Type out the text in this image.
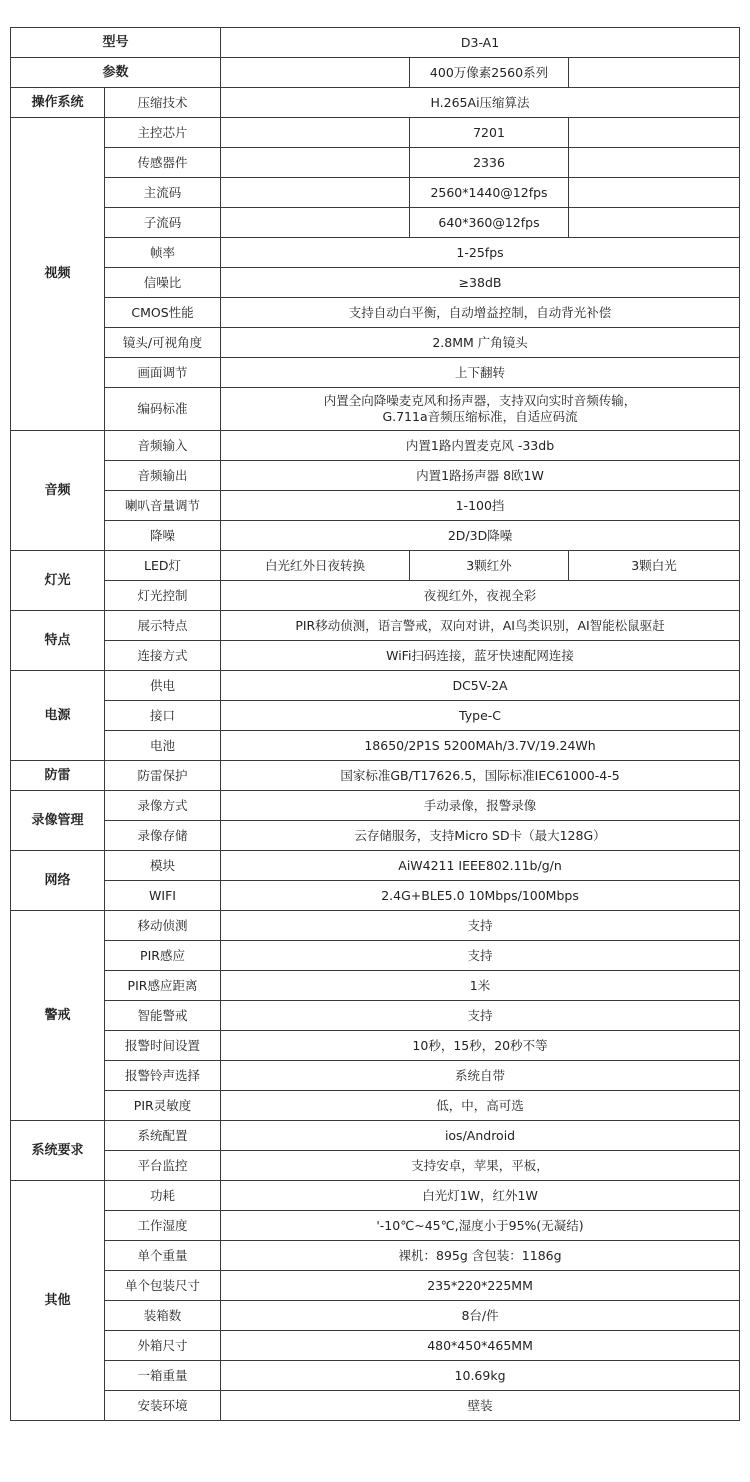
型号		D3-A1		
参数			400万像素2560系列	
操作系统	压缩技术	H.265Ai压缩算法		
视频	主控芯片		7201	
	传感器件		2336	
	主流码		2560*1440@12fps	
	子流码		640*360@12fps	
	帧率	1-25fps		
	信噪比	≥38dB		
	CMOS性能	支持自动白平衡，自动增益控制，自动背光补偿		
	镜头/可视角度	2.8MM 广角镜头		
	画面调节	上下翻转		
	编码标准	内置全向降噪麦克风和扬声器，支持双向实时音频传输，
G.711a音频压缩标准，自适应码流		

音频	音频输入	内置1路内置麦克风 -33db		
	音频输出	内置1路扬声器 8欧1W		
	喇叭音量调节	1-100挡		
	降噪	2D/3D降噪		
灯光	LED灯	白光红外日夜转换	3颗红外	3颗白光
	灯光控制	夜视红外，夜视全彩		
特点	展示特点	PIR移动侦测，语言警戒，双向对讲，AI鸟类识别，AI智能松鼠驱赶		
	连接方式	WiFi扫码连接，蓝牙快速配网连接		
电源	供电	DC5V-2A		
	接口	Type-C		
	电池	18650/2P1S 5200MAh/3.7V/19.24Wh		
防雷	防雷保护	国家标准GB/T17626.5，国际标准IEC61000-4-5		
录像管理	录像方式	手动录像，报警录像		
	录像存储	云存储服务，支持Micro SD卡（最大128G）		
网络	模块	AiW4211 IEEE802.11b/g/n		
	WIFI	2.4G+BLE5.0 10Mbps/100Mbps		
警戒	移动侦测	支持		
	PIR感应	支持		
	PIR感应距离	1米		
	智能警戒	支持		
	报警时间设置	10秒，15秒，20秒不等		
	报警铃声选择	系统自带		
	PIR灵敏度	低，中，高可选		
系统要求	系统配置	ios/Android		
	平台监控	支持安卓，苹果，平板，		
其他	功耗	白光灯1W，红外1W		
	工作湿度	'-10℃~45℃,湿度小于95%(无凝结)		
	单个重量	裸机：895g 含包装：1186g		
	单个包装尺寸	235*220*225MM		
	装箱数	8台/件		
	外箱尺寸	480*450*465MM		
	一箱重量	10.69kg		
	安装环境	壁装		
